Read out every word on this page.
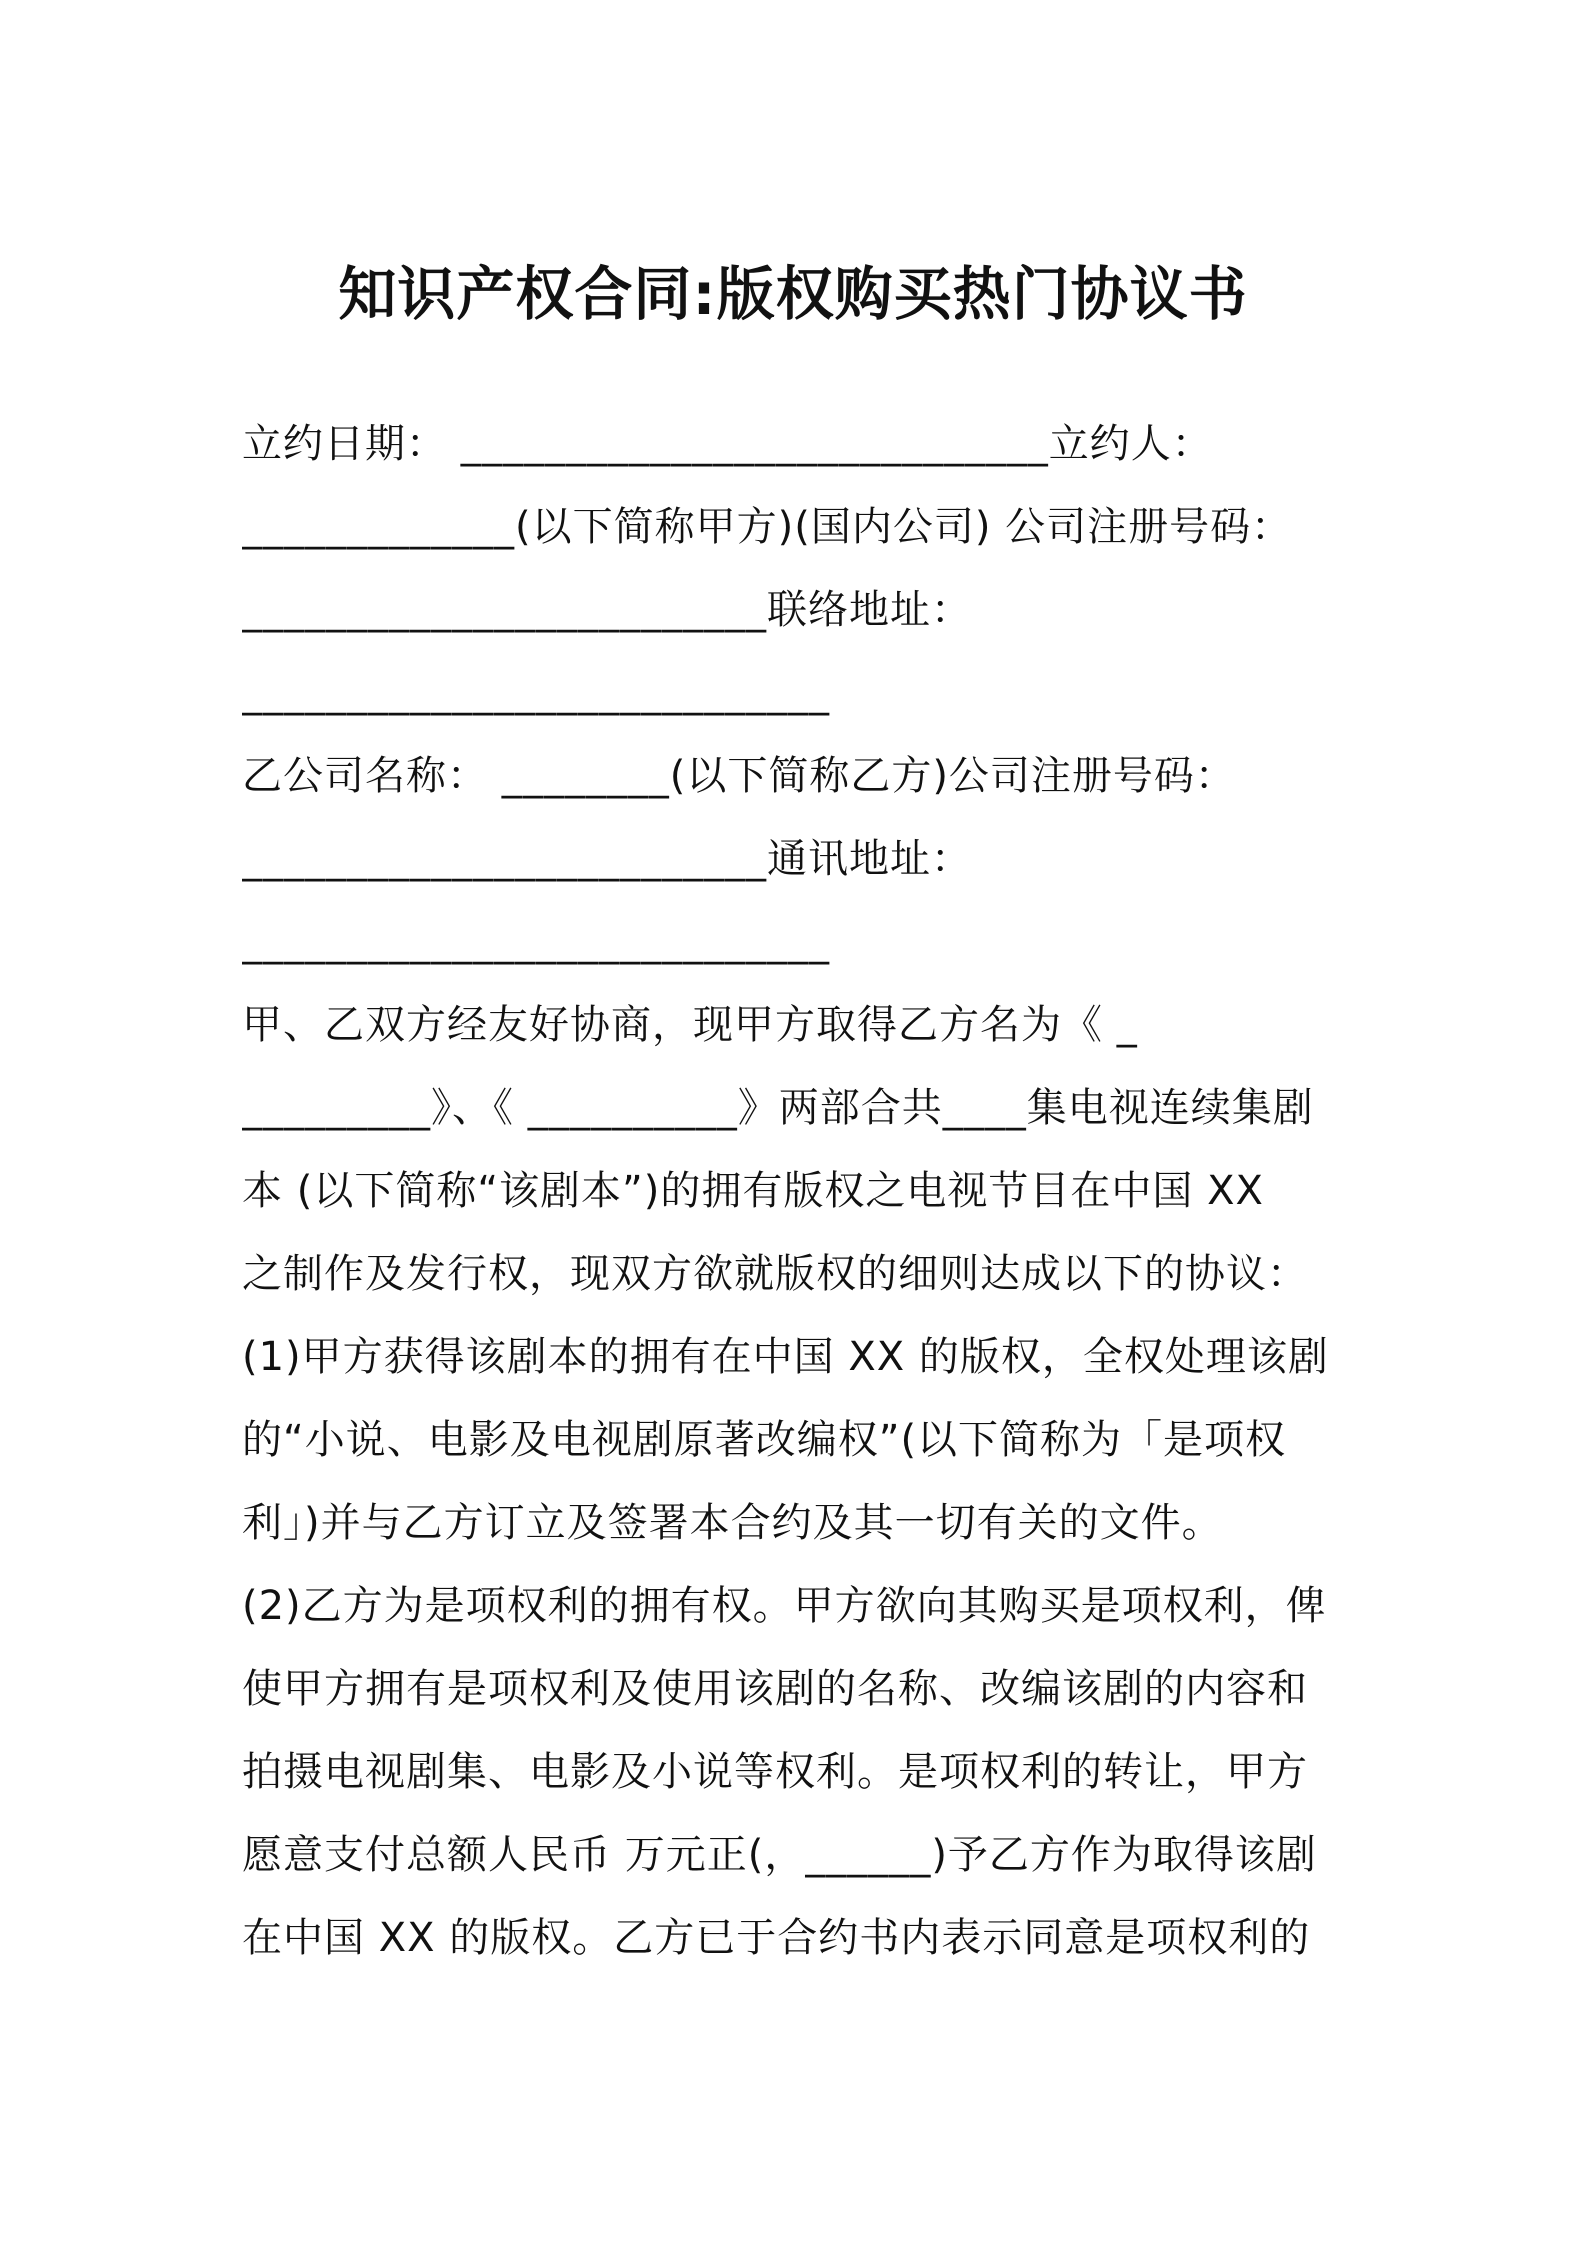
知识产权合同:版权购买热门协议书
立约日期： ____________________________立约人：
_____________(以下简称甲方)(国内公司) 公司注册号码：
_________________________联络地址：
____________________________
乙公司名称： ________(以下简称乙方)公司注册号码：
_________________________通讯地址：
____________________________
甲、乙双方经友好协商，现甲方取得乙方名为《 _
_________》、《 __________》两部合共____集电视连续集剧
本 (以下简称“该剧本”)的拥有版权之电视节目在中国 XX
之制作及发行权，现双方欲就版权的细则达成以下的协议：
(1)甲方获得该剧本的拥有在中国 XX 的版权，全权处理该剧
的“小说、电影及电视剧原著改编权”(以下简称为「是项权
利」)并与乙方订立及签署本合约及其一切有关的文件。
(2)乙方为是项权利的拥有权。甲方欲向其购买是项权利，俾
使甲方拥有是项权利及使用该剧的名称、改编该剧的内容和
拍摄电视剧集、电影及小说等权利。是项权利的转让，甲方
愿意支付总额人民币 万元正(，______)予乙方作为取得该剧
在中国 XX 的版权。乙方已于合约书内表示同意是项权利的
